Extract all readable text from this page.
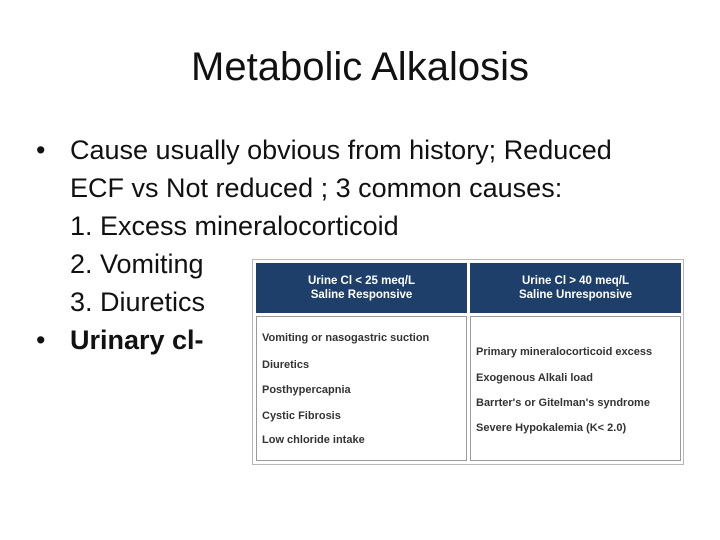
Metabolic Alkalosis
• Cause usually obvious from history; Reduced
ECF vs Not reduced ; 3 common causes:
1. Excess mineralocorticoid
2. Vomiting
3. Diuretics
• Urinary cl-
Urine Cl < 25 meq/L
Saline Responsive
Urine Cl > 40 meq/L
Saline Unresponsive
Vomiting or nasogastric suction
Diuretics
Posthypercapnia
Cystic Fibrosis
Low chloride intake
Primary mineralocorticoid excess
Exogenous Alkali load
Barrter's or Gitelman's syndrome
Severe Hypokalemia (K< 2.0)
